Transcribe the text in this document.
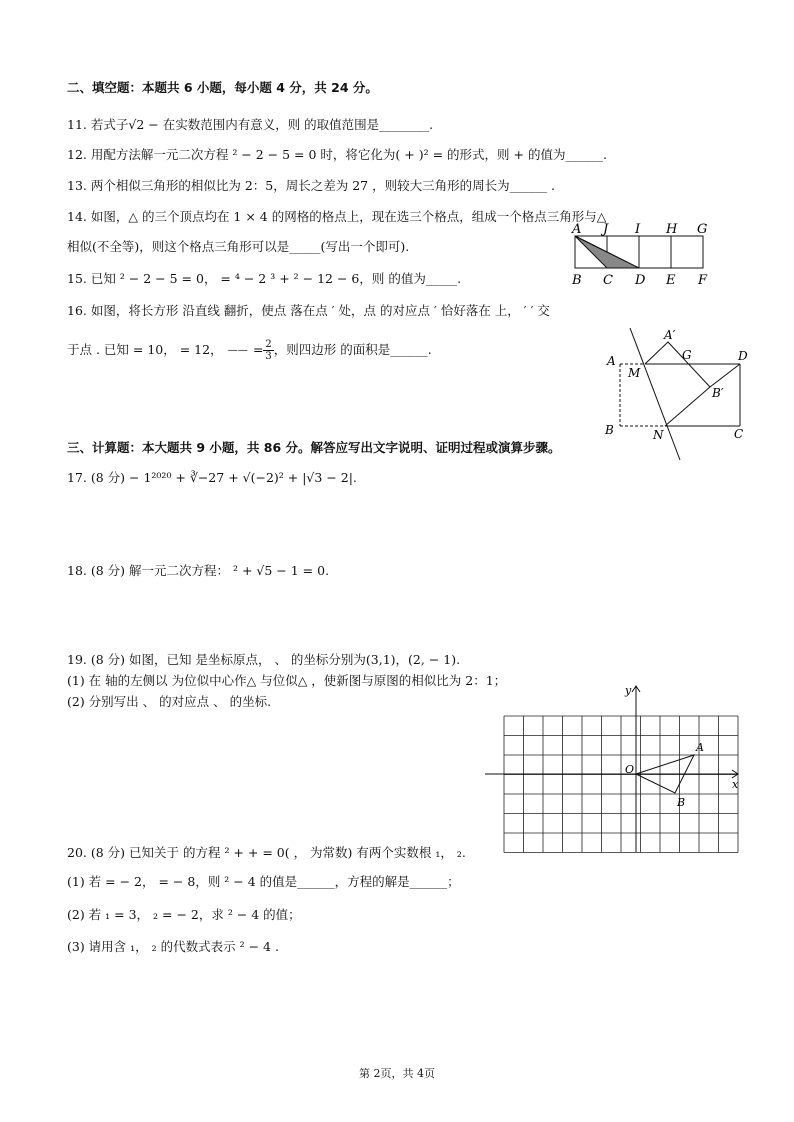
二、填空题：本题共 6 小题，每小题 4 分，共 24 分。
11. 若式子√2 − 在实数范围内有意义，则 的取值范围是________.
12. 用配方法解一元二次方程 ² − 2 − 5 = 0 时，将它化为( + )² = 的形式，则 + 的值为______.
13. 两个相似三角形的相似比为 2：5，周长之差为 27 ，则较大三角形的周长为______ .
14. 如图，△ 的三个顶点均在 1 × 4 的网格的格点上，现在选三个格点，组成一个格点三角形与△
相似(不全等)，则这个格点三角形可以是_____(写出一个即可).
15. 已知 ² − 2 − 5 = 0， = ⁴ − 2 ³ + ² − 12 − 6，则 的值为_____.
16. 如图，将长方形 沿直线 翻折，使点 落在点 ′ 处，点 的对应点 ′ 恰好落在 上， ′ ′ 交
于点 . 已知 = 10， = 12， —— = $\frac{2}{3}$ ，则四边形 的面积是______.
A J I H G
B C D E F
A′
G	D
A
M
B′
B	N	C
三、计算题：本大题共 9 小题，共 86 分。解答应写出文字说明、证明过程或演算步骤。
17. (8 分) − 1²⁰²⁰ + ∛−27 + √(−2)² + |√3 − 2|.
18. (8 分) 解一元二次方程： ² + √5 − 1 = 0.
19. (8 分) 如图，已知 是坐标原点， 、 的坐标分别为(3,1)，(2, − 1).
(1) 在 轴的左侧以 为位似中心作△ 与位似△ ，使新图与原图的相似比为 2：1；
(2) 分别写出 、 的对应点 、 的坐标.
y
x
O
A
B
20. (8 分) 已知关于 的方程 ² + + = 0( ， 为常数) 有两个实数根 ₁， ₂.
(1) 若 = − 2， = − 8，则 ² − 4 的值是______，方程的解是______；
(2) 若 ₁ = 3， ₂ = − 2，求 ² − 4 的值；
(3) 请用含 ₁， ₂ 的代数式表示 ² − 4 .
第 2页，共 4页
